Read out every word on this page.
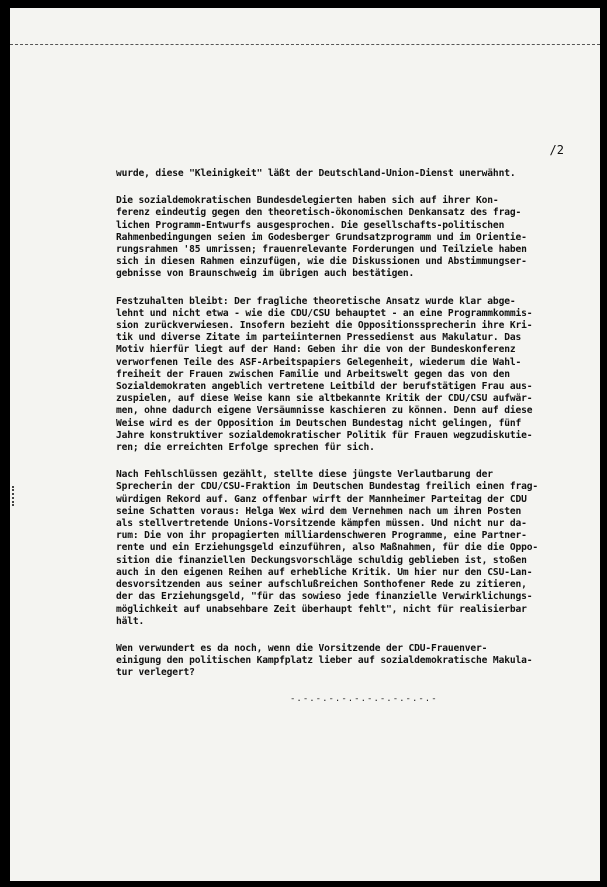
/2

wurde, diese "Kleinigkeit" läßt der Deutschland-Union-Dienst unerwähnt.

Die sozialdemokratischen Bundesdelegierten haben sich auf ihrer Kon-
ferenz eindeutig gegen den theoretisch-ökonomischen Denkansatz des frag-
lichen Programm-Entwurfs ausgesprochen. Die gesellschafts-politischen
Rahmenbedingungen seien im Godesberger Grundsatzprogramm und im Orientie-
rungsrahmen '85 umrissen; frauenrelevante Forderungen und Teilziele haben
sich in diesen Rahmen einzufügen, wie die Diskussionen und Abstimmungser-
gebnisse von Braunschweig im übrigen auch bestätigen.

Festzuhalten bleibt: Der fragliche theoretische Ansatz wurde klar abge-
lehnt und nicht etwa - wie die CDU/CSU behauptet - an eine Programmkommis-
sion zurückverwiesen. Insofern bezieht die Oppositionssprecherin ihre Kri-
tik und diverse Zitate im parteiinternen Pressedienst aus Makulatur. Das
Motiv hierfür liegt auf der Hand: Geben ihr die von der Bundeskonferenz
verworfenen Teile des ASF-Arbeitspapiers Gelegenheit, wiederum die Wahl-
freiheit der Frauen zwischen Familie und Arbeitswelt gegen das von den
Sozialdemokraten angeblich vertretene Leitbild der berufstätigen Frau aus-
zuspielen, auf diese Weise kann sie altbekannte Kritik der CDU/CSU aufwär-
men, ohne dadurch eigene Versäumnisse kaschieren zu können. Denn auf diese
Weise wird es der Opposition im Deutschen Bundestag nicht gelingen, fünf
Jahre konstruktiver sozialdemokratischer Politik für Frauen wegzudiskutie-
ren; die erreichten Erfolge sprechen für sich.

Nach Fehlschlüssen gezählt, stellte diese jüngste Verlautbarung der
Sprecherin der CDU/CSU-Fraktion im Deutschen Bundestag freilich einen frag-
würdigen Rekord auf. Ganz offenbar wirft der Mannheimer Parteitag der CDU
seine Schatten voraus: Helga Wex wird dem Vernehmen nach um ihren Posten
als stellvertretende Unions-Vorsitzende kämpfen müssen. Und nicht nur da-
rum: Die von ihr propagierten milliardenschweren Programme, eine Partner-
rente und ein Erziehungsgeld einzuführen, also Maßnahmen, für die die Oppo-
sition die finanziellen Deckungsvorschläge schuldig geblieben ist, stoßen
auch in den eigenen Reihen auf erhebliche Kritik. Um hier nur den CSU-Lan-
desvorsitzenden aus seiner aufschlußreichen Sonthofener Rede zu zitieren,
der das Erziehungsgeld, "für das sowieso jede finanzielle Verwirklichungs-
möglichkeit auf unabsehbare Zeit überhaupt fehlt", nicht für realisierbar
hält.

Wen verwundert es da noch, wenn die Vorsitzende der CDU-Frauenver-
einigung den politischen Kampfplatz lieber auf sozialdemokratische Makula-
tur verlegert?

-.-.-.-.-.-.-.-.-.-.-.-
